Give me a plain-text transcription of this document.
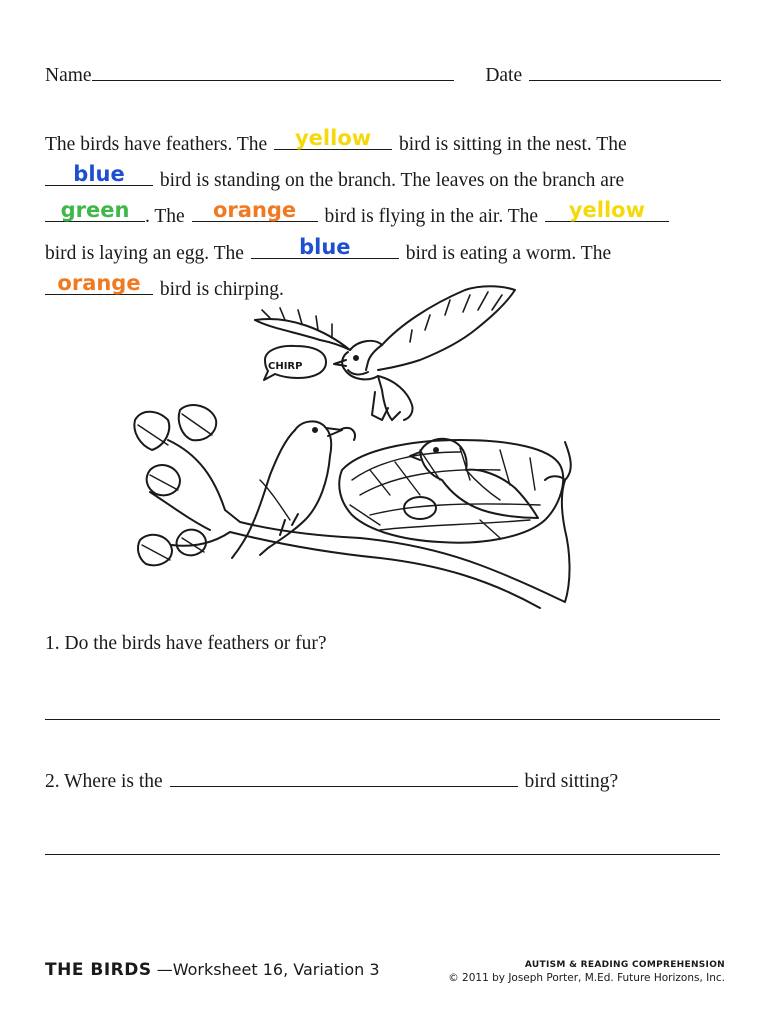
Name	Date
The birds have feathers. The	yellow	bird is sitting in the nest. The
blue	bird is standing on the branch. The leaves on the branch are
green . The	orange	bird is flying in the air. The	yellow
bird is laying an egg. The	blue	bird is eating a worm. The
orange bird is chirping.
CHIRP
1. Do the birds have feathers or fur?
2. Where is the	bird sitting?
THE BIRDS —Worksheet 16, Variation 3	AUTISM & READING COMPREHENSION
© 2011 by Joseph Porter, M.Ed. Future Horizons, Inc.
